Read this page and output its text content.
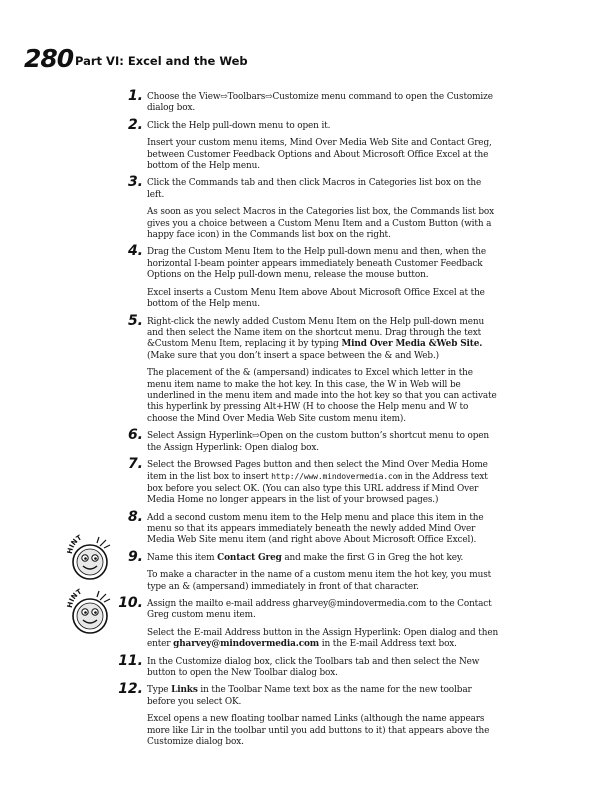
280 Part VI: Excel and the Web
HINT
HINT
1. Choose the View⇨Toolbars⇨Customize menu command to open the Customize dialog box.

2. Click the Help pull-down menu to open it.

Insert your custom menu items, Mind Over Media Web Site and Contact Greg, between Customer Feedback Options and About Microsoft Office Excel at the bottom of the Help menu.

3. Click the Commands tab and then click Macros in Categories list box on the left.

As soon as you select Macros in the Categories list box, the Commands list box gives you a choice between a Custom Menu Item and a Custom Button (with a happy face icon) in the Commands list box on the right.

4. Drag the Custom Menu Item to the Help pull-down menu and then, when the horizontal I-beam pointer appears immediately beneath Customer Feedback Options on the Help pull-down menu, release the mouse button.

Excel inserts a Custom Menu Item above About Microsoft Office Excel at the bottom of the Help menu.

5. Right-click the newly added Custom Menu Item on the Help pull-down menu and then select the Name item on the shortcut menu. Drag through the text &Custom Menu Item, replacing it by typing Mind Over Media &Web Site. (Make sure that you don’t insert a space between the & and Web.)

The placement of the & (ampersand) indicates to Excel which letter in the menu item name to make the hot key. In this case, the W in Web will be underlined in the menu item and made into the hot key so that you can activate this hyperlink by pressing Alt+HW (H to choose the Help menu and W to choose the Mind Over Media Web Site custom menu item).

6. Select Assign Hyperlink⇨Open on the custom button’s shortcut menu to open the Assign Hyperlink: Open dialog box.

7. Select the Browsed Pages button and then select the Mind Over Media Home item in the list box to insert http://www.mindovermedia.com in the Address text box before you select OK. (You can also type this URL address if Mind Over Media Home no longer appears in the list of your browsed pages.)

8. Add a second custom menu item to the Help menu and place this item in the menu so that its appears immediately beneath the newly added Mind Over Media Web Site menu item (and right above About Microsoft Office Excel).

9. Name this item Contact Greg and make the first G in Greg the hot key.

To make a character in the name of a custom menu item the hot key, you must type an & (ampersand) immediately in front of that character.

10. Assign the mailto e-mail address gharvey@mindovermedia.com to the Contact Greg custom menu item.

Select the E-mail Address button in the Assign Hyperlink: Open dialog and then enter gharvey@mindovermedia.com in the E-mail Address text box.

11. In the Customize dialog box, click the Toolbars tab and then select the New button to open the New Toolbar dialog box.

12. Type Links in the Toolbar Name text box as the name for the new toolbar before you select OK.

Excel opens a new floating toolbar named Links (although the name appears more like Lir in the toolbar until you add buttons to it) that appears above the Customize dialog box.
